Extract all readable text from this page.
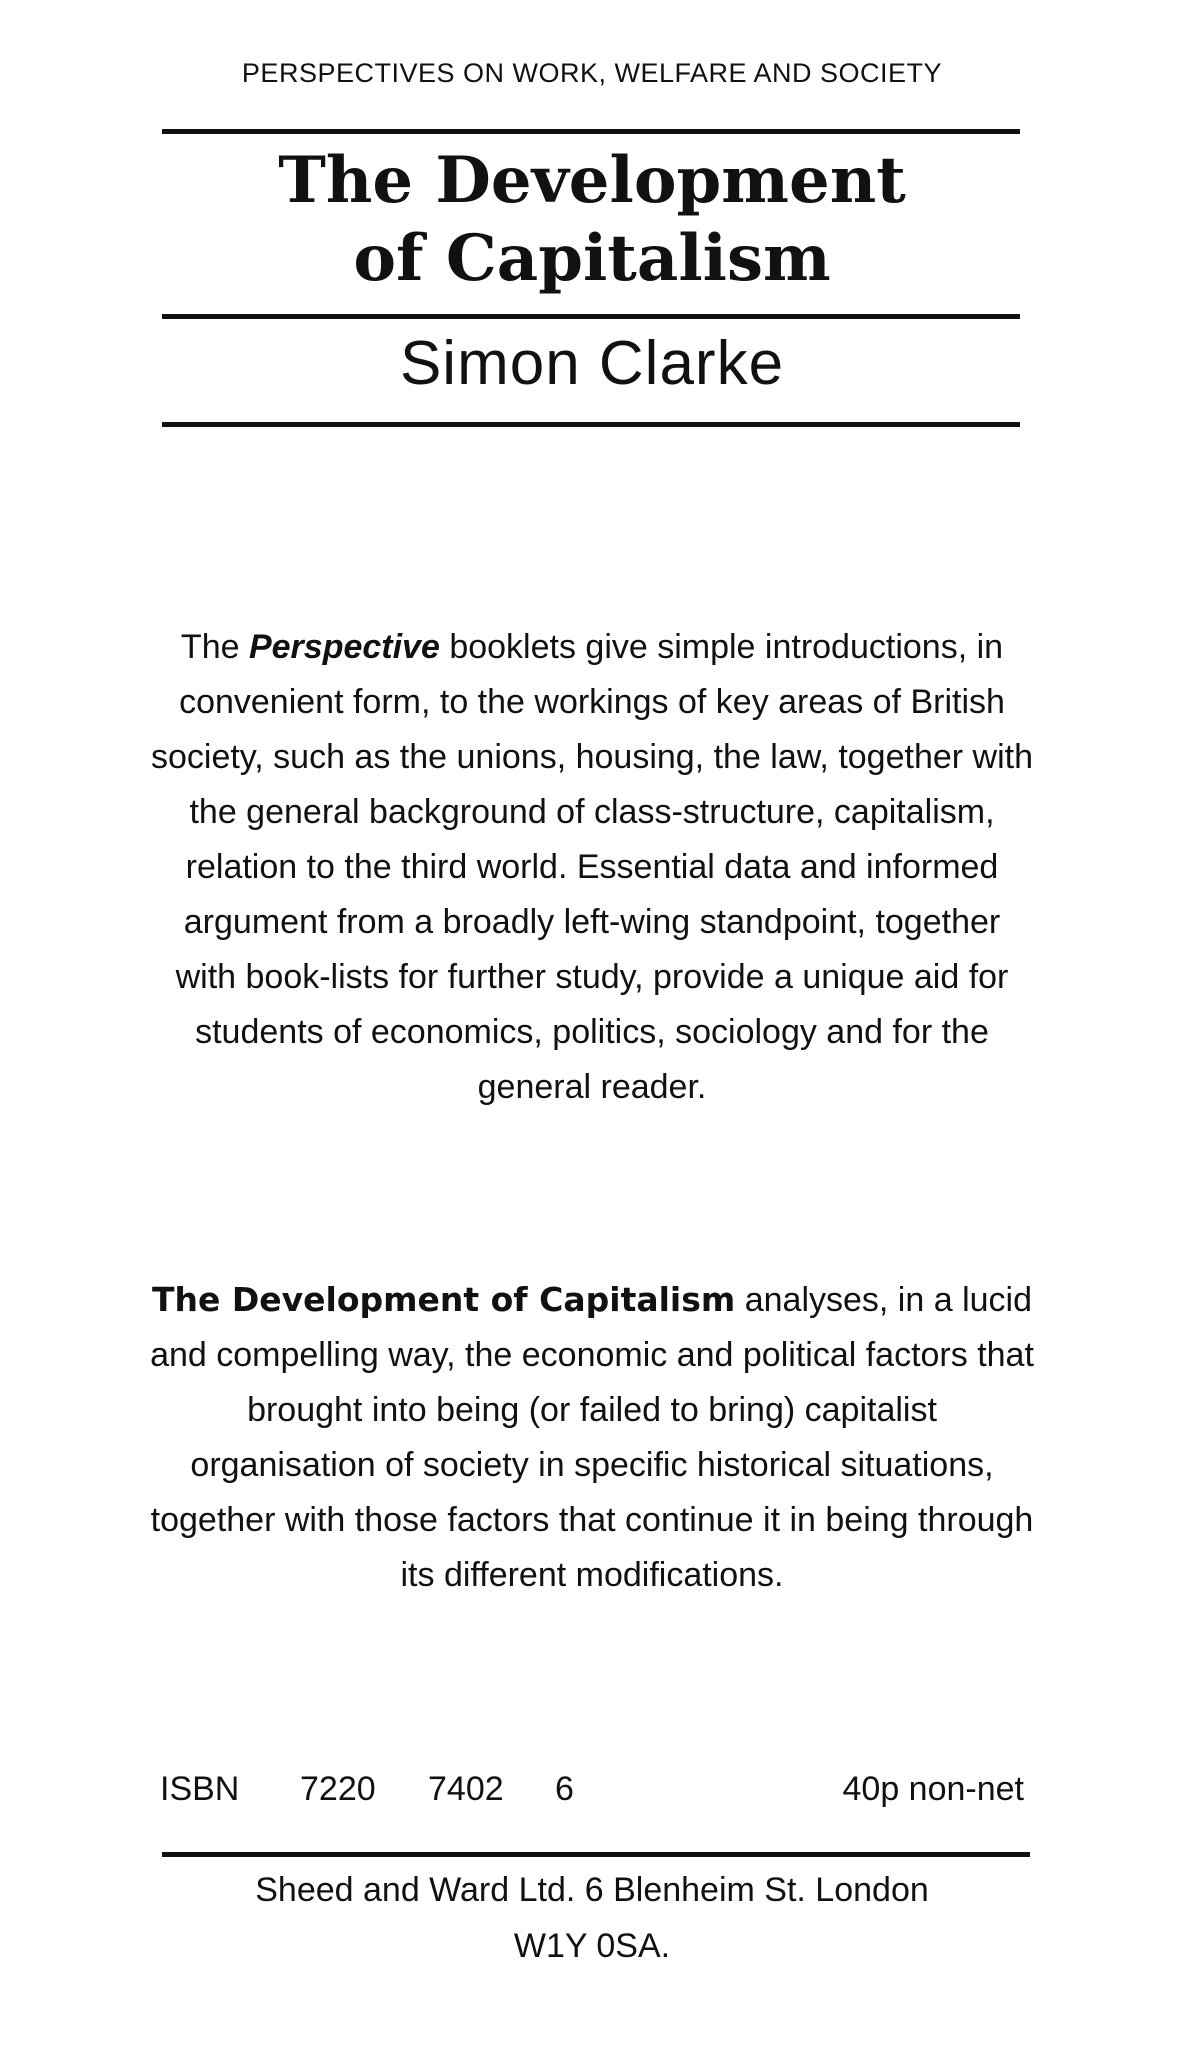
PERSPECTIVES ON WORK, WELFARE AND SOCIETY
The Development
of Capitalism
Simon Clarke
The Perspective booklets give simple introductions, in convenient form, to the workings of key areas of British society, such as the unions, housing, the law, together with the general background of class-structure, capitalism, relation to the third world. Essential data and informed argument from a broadly left-wing standpoint, together with book-lists for further study, provide a unique aid for students of economics, politics, sociology and for the general reader.
The Development of Capitalism analyses, in a lucid and compelling way, the economic and political factors that brought into being (or failed to bring) capitalist organisation of society in specific historical situations, together with those factors that continue it in being through its different modifications.
ISBN 7220 7402 6	40p non-net
Sheed and Ward Ltd. 6 Blenheim St. London
W1Y 0SA.
